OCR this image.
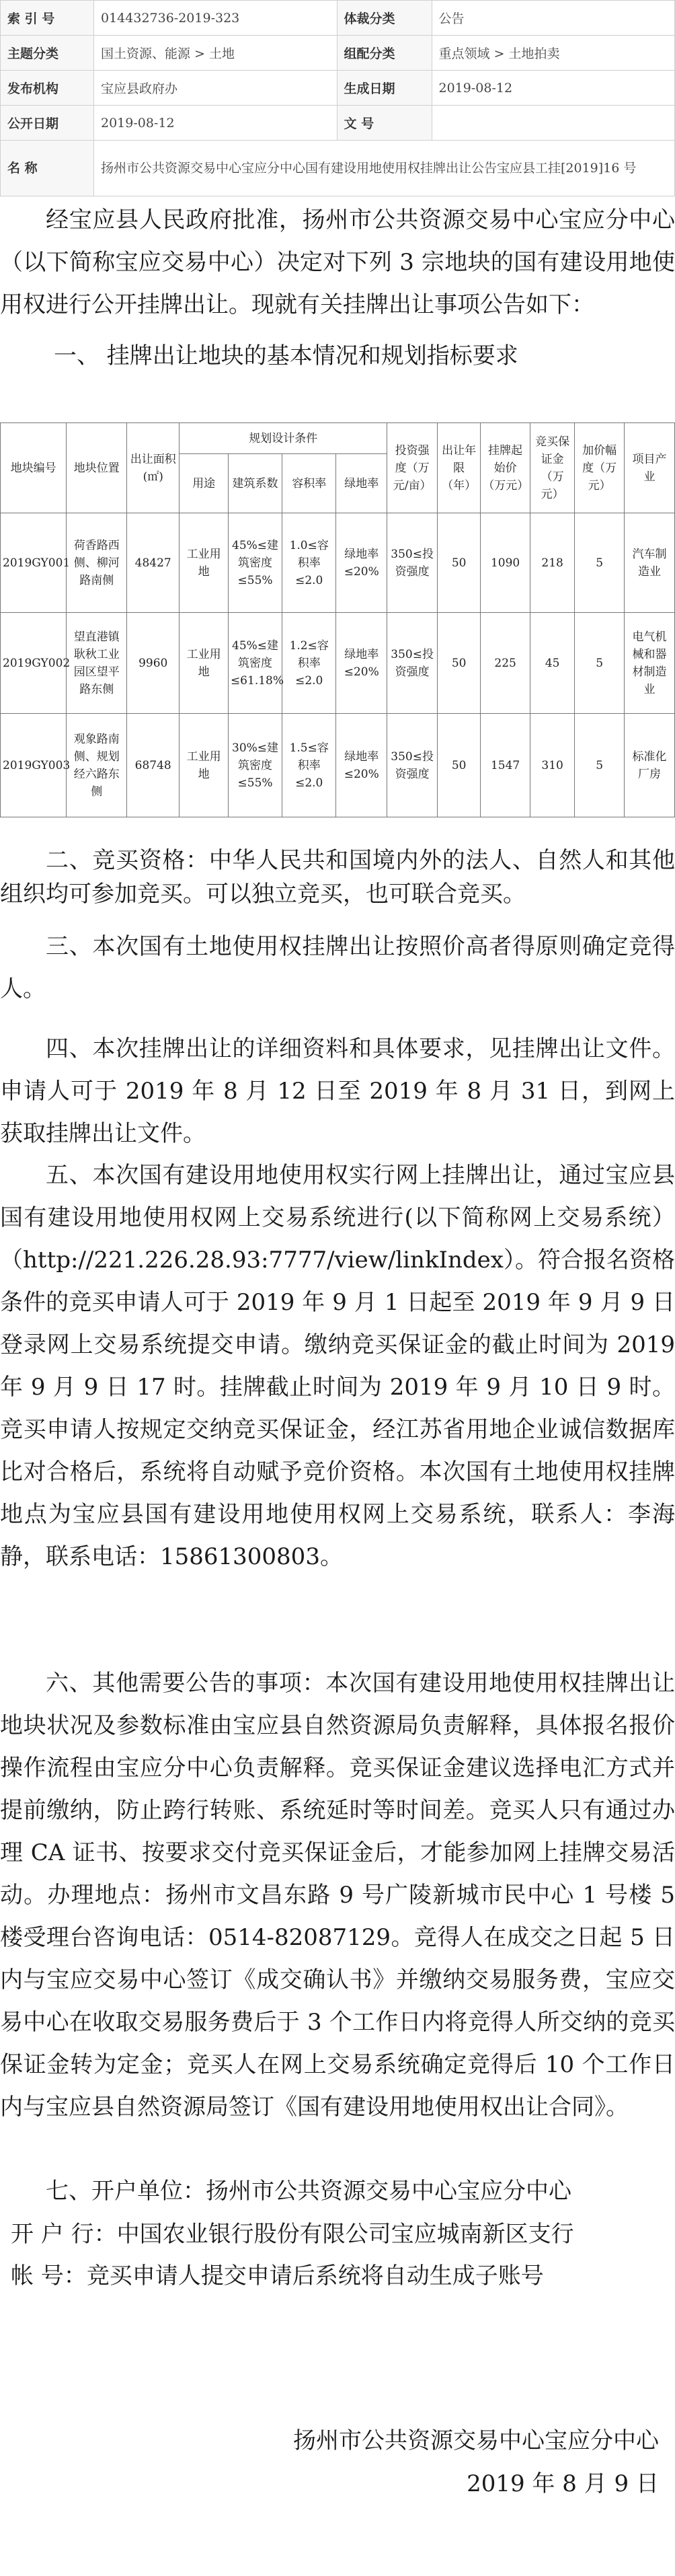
索 引 号	014432736-2019-323	体裁分类	公告
主题分类	国土资源、能源 > 土地	组配分类	重点领域 > 土地拍卖
发布机构	宝应县政府办	生成日期	2019-08-12
公开日期	2019-08-12	文 号	
名 称	扬州市公共资源交易中心宝应分中心国有建设用地使用权挂牌出让公告宝应县工挂[2019]16 号		

经宝应县人民政府批准，扬州市公共资源交易中心宝应分中心（以下简称宝应交易中心）决定对下列 3 宗地块的国有建设用地使用权进行公开挂牌出让。现就有关挂牌出让事项公告如下：

一、 挂牌出让地块的基本情况和规划指标要求

地块编号	地块位置	出让面积(㎡)	规划设计条件				投资强度（万元/亩）	出让年限（年）	挂牌起始价（万元）	竞买保证金（万元）	加价幅度（万元）	项目产业
			用途	建筑系数	容积率	绿地率						
2019GY001	荷香路西侧、柳河路南侧	48427	工业用地	45%≤建筑密度≤55%	1.0≤容积率≤2.0	绿地率≤20%	350≤投资强度	50	1090	218	5	汽车制造业
2019GY002	望直港镇耿秋工业园区望平路东侧	9960	工业用地	45%≤建筑密度≤61.18%	1.2≤容积率≤2.0	绿地率≤20%	350≤投资强度	50	225	45	5	电气机械和器材制造业
2019GY003	观象路南侧、规划经六路东侧	68748	工业用地	30%≤建筑密度≤55%	1.5≤容积率≤2.0	绿地率≤20%	350≤投资强度	50	1547	310	5	标准化厂房

二、竞买资格：中华人民共和国境内外的法人、自然人和其他组织均可参加竞买。可以独立竞买，也可联合竞买。

三、本次国有土地使用权挂牌出让按照价高者得原则确定竞得人。

四、本次挂牌出让的详细资料和具体要求，见挂牌出让文件。申请人可于 2019 年 8 月 12 日至 2019 年 8 月 31 日，到网上获取挂牌出让文件。

五、本次国有建设用地使用权实行网上挂牌出让，通过宝应县国有建设用地使用权网上交易系统进行(以下简称网上交易系统）（http://221.226.28.93:7777/view/linkIndex）。符合报名资格条件的竞买申请人可于 2019 年 9 月 1 日起至 2019 年 9 月 9 日登录网上交易系统提交申请。缴纳竞买保证金的截止时间为 2019 年 9 月 9 日 17 时。挂牌截止时间为 2019 年 9 月 10 日 9 时。竞买申请人按规定交纳竞买保证金，经江苏省用地企业诚信数据库比对合格后，系统将自动赋予竞价资格。本次国有土地使用权挂牌地点为宝应县国有建设用地使用权网上交易系统，联系人：李海静，联系电话：15861300803。

六、其他需要公告的事项：本次国有建设用地使用权挂牌出让地块状况及参数标准由宝应县自然资源局负责解释，具体报名报价操作流程由宝应分中心负责解释。竞买保证金建议选择电汇方式并提前缴纳，防止跨行转账、系统延时等时间差。竞买人只有通过办理 CA 证书、按要求交付竞买保证金后，才能参加网上挂牌交易活动。办理地点：扬州市文昌东路 9 号广陵新城市民中心 1 号楼 5 楼受理台咨询电话：0514-82087129。竞得人在成交之日起 5 日内与宝应交易中心签订《成交确认书》并缴纳交易服务费，宝应交易中心在收取交易服务费后于 3 个工作日内将竞得人所交纳的竞买保证金转为定金；竞买人在网上交易系统确定竞得后 10 个工作日内与宝应县自然资源局签订《国有建设用地使用权出让合同》。

七、开户单位：扬州市公共资源交易中心宝应分中心

开 户 行：中国农业银行股份有限公司宝应城南新区支行

帐 号：竞买申请人提交申请后系统将自动生成子账号

扬州市公共资源交易中心宝应分中心
2019 年 8 月 9 日
